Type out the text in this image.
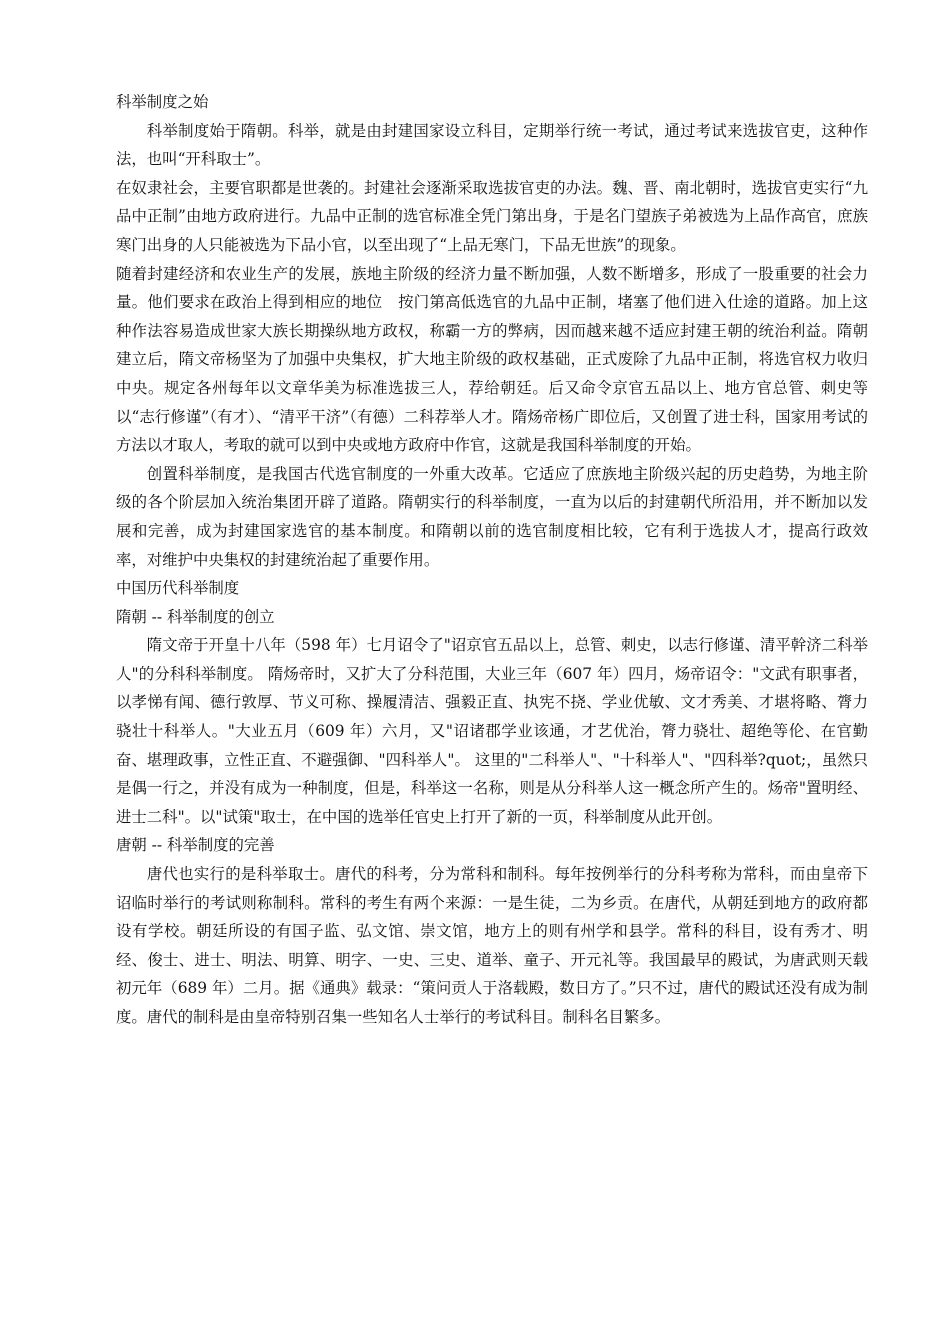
科举制度之始

科举制度始于隋朝。科举，就是由封建国家设立科目，定期举行统一考试，通过考试来选拔官吏，这种作法，也叫“开科取士”。

在奴隶社会，主要官职都是世袭的。封建社会逐渐采取选拔官吏的办法。魏、晋、南北朝时，选拔官吏实行“九品中正制”由地方政府进行。九品中正制的选官标准全凭门第出身，于是名门望族子弟被选为上品作高官，庶族寒门出身的人只能被选为下品小官，以至出现了“上品无寒门，下品无世族”的现象。

随着封建经济和农业生产的发展，族地主阶级的经济力量不断加强，人数不断增多，形成了一股重要的社会力量。他们要求在政治上得到相应的地位　按门第高低选官的九品中正制，堵塞了他们进入仕途的道路。加上这种作法容易造成世家大族长期操纵地方政权，称霸一方的弊病，因而越来越不适应封建王朝的统治利益。隋朝建立后，隋文帝杨坚为了加强中央集权，扩大地主阶级的政权基础，正式废除了九品中正制，将选官权力收归中央。规定各州每年以文章华美为标准选拔三人，荐给朝廷。后又命令京官五品以上、地方官总管、刺史等以“志行修谨”（有才）、“清平干济”（有德）二科荐举人才。隋炀帝杨广即位后，又创置了进士科，国家用考试的方法以才取人，考取的就可以到中央或地方政府中作官，这就是我国科举制度的开始。

创置科举制度，是我国古代选官制度的一外重大改革。它适应了庶族地主阶级兴起的历史趋势，为地主阶级的各个阶层加入统治集团开辟了道路。隋朝实行的科举制度，一直为以后的封建朝代所沿用，并不断加以发展和完善，成为封建国家选官的基本制度。和隋朝以前的选官制度相比较，它有利于选拔人才，提高行政效率，对维护中央集权的封建统治起了重要作用。

中国历代科举制度

隋朝 -- 科举制度的创立

隋文帝于开皇十八年（598 年）七月诏令了"诏京官五品以上，总管、刺史，以志行修谨、清平幹济二科举人"的分科科举制度。 隋炀帝时，又扩大了分科范围，大业三年（607 年）四月，炀帝诏令："文武有职事者，以孝悌有闻、德行敦厚、节义可称、操履清洁、强毅正直、执宪不挠、学业优敏、文才秀美、才堪将略、膂力骁壮十科举人。"大业五月（609 年）六月，又"诏诸郡学业该通，才艺优治，膂力骁壮、超绝等伦、在官勤奋、堪理政事，立性正直、不避强御、"四科举人"。 这里的"二科举人"、"十科举人"、"四科举?quot;，虽然只是偶一行之，并没有成为一种制度，但是，科举这一名称，则是从分科举人这一概念所产生的。炀帝"置明经、进士二科"。以"试策"取士，在中国的选举任官史上打开了新的一页，科举制度从此开创。

唐朝 -- 科举制度的完善

唐代也实行的是科举取士。唐代的科考，分为常科和制科。每年按例举行的分科考称为常科，而由皇帝下诏临时举行的考试则称制科。常科的考生有两个来源：一是生徒，二为乡贡。在唐代，从朝廷到地方的政府都设有学校。朝廷所设的有国子监、弘文馆、崇文馆，地方上的则有州学和县学。常科的科目，设有秀才、明经、俊士、进士、明法、明算、明字、一史、三史、道举、童子、开元礼等。我国最早的殿试，为唐武则天载初元年（689 年）二月。据《通典》载录：“策问贡人于洛载殿，数日方了。”只不过，唐代的殿试还没有成为制度。唐代的制科是由皇帝特别召集一些知名人士举行的考试科目。制科名目繁多。
